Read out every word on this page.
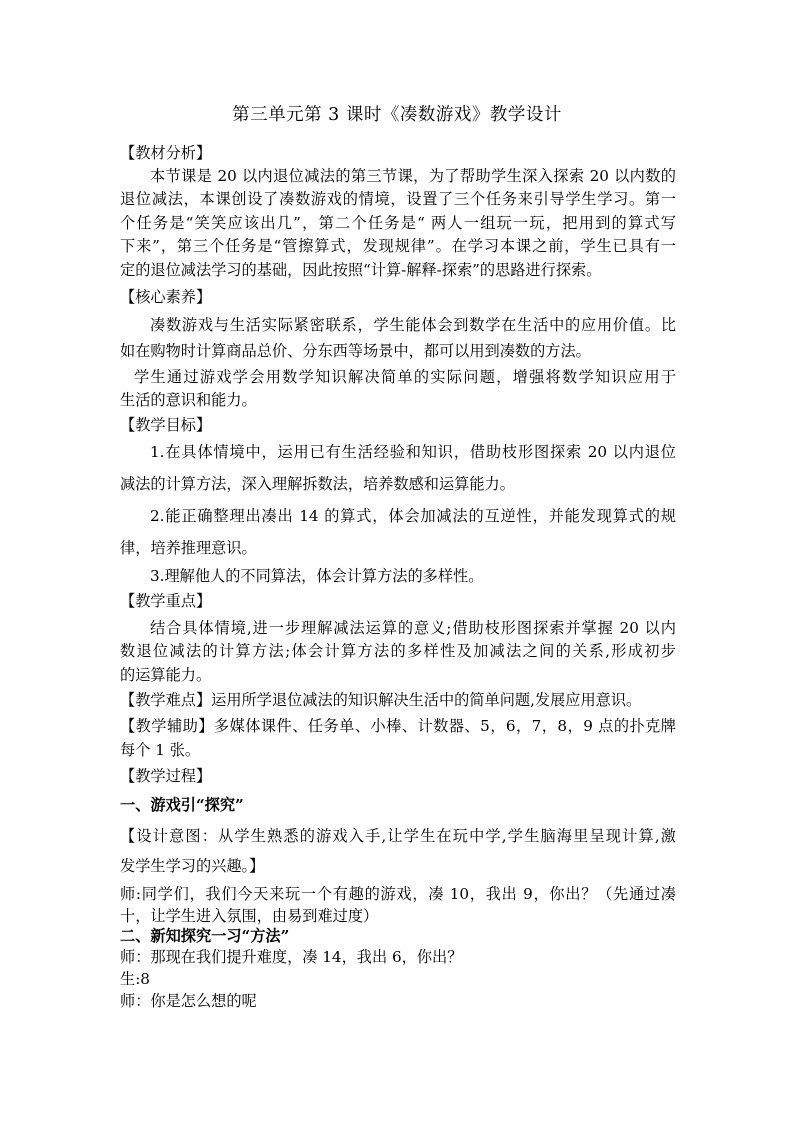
第三单元第 3 课时《凑数游戏》教学设计
【教材分析】
本节课是 20 以内退位减法的第三节课，为了帮助学生深入探索 20 以内数的
退位减法，本课创设了凑数游戏的情境，设置了三个任务来引导学生学习。第一
个任务是“笑笑应该出几”，第二个任务是“ 两人一组玩一玩，把用到的算式写
下来”，第三个任务是“管擦算式，发现规律”。在学习本课之前，学生已具有一
定的退位减法学习的基础，因此按照“计算-解释-探索”的思路进行探索。
【核心素养】
凑数游戏与生活实际紧密联系，学生能体会到数学在生活中的应用价值。比
如在购物时计算商品总价、分东西等场景中，都可以用到凑数的方法。
学生通过游戏学会用数学知识解决简单的实际问题，增强将数学知识应用于
生活的意识和能力。
【教学目标】
1.在具体情境中，运用已有生活经验和知识，借助枝形图探索 20 以内退位
减法的计算方法，深入理解拆数法，培养数感和运算能力。
2.能正确整理出凑出 14 的算式，体会加减法的互逆性，并能发现算式的规
律，培养推理意识。
3.理解他人的不同算法，体会计算方法的多样性。
【教学重点】
结合具体情境,进一步理解减法运算的意义;借助枝形图探索并掌握 20 以内
数退位减法的计算方法;体会计算方法的多样性及加减法之间的关系,形成初步
的运算能力。
【教学难点】运用所学退位减法的知识解决生活中的简单问题,发展应用意识。
【教学辅助】多媒体课件、任务单、小棒、计数器、5，6，7，8，9 点的扑克牌
每个 1 张。
【教学过程】
一、游戏引“探究”
【设计意图：从学生熟悉的游戏入手,让学生在玩中学,学生脑海里呈现计算,激
发学生学习的兴趣。】
师:同学们，我们今天来玩一个有趣的游戏，凑 10，我出 9，你出？（先通过凑
十，让学生进入氛围，由易到难过度）
二、新知探究一习“方法”
师：那现在我们提升难度，凑 14，我出 6，你出？
生:8
师：你是怎么想的呢
